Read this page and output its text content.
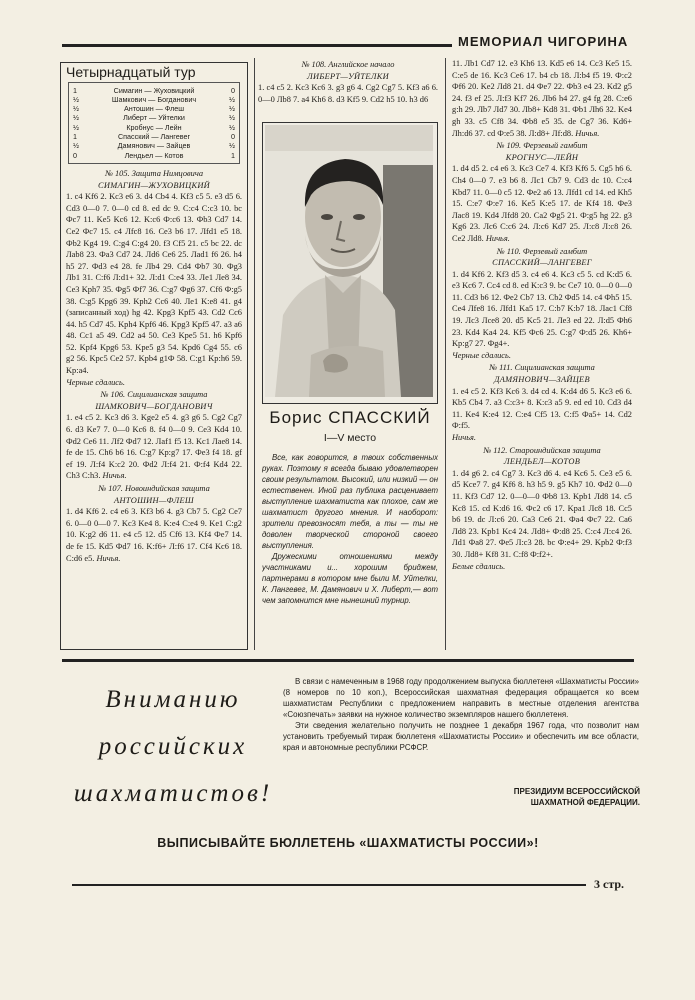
МЕМОРИАЛ ЧИГОРИНА
Четырнадцатый тур
1	Симагин — Жуховицкий	0
½	Шамкович — Богданович	½
½	Антошин — Флеш	½
½	Либерт — Уйтелки	½
½	Кробнус — Лейн	½
1	Спасский — Лангевег	0
½	Дамянович — Зайцев	½
0	Лендьел — Котов	1
№ 105. Защита Нимцовича
СИМАГИН—ЖУХОВИЦКИЙ

1. c4 Kf6 2. Kc3 e6 3. d4 Cb4 4. Kf3 c5 5. e3 d5 6. Cd3 0—0 7. 0—0 cd 8. ed dc 9. C:c4 C:c3 10. bc Фc7 11. Ke5 Kc6 12. K:c6 Ф:c6 13. Фb3 Cd7 14. Ce2 Фc7 15. c4 Лfc8 16. Ce3 b6 17. Лfd1 e5 18. Фb2 Kg4 19. C:g4 C:g4 20. f3 Cf5 21. c5 bc 22. dc Лab8 23. Фa3 Cd7 24. Лd6 Ce6 25. Лad1 f6 26. h4 h5 27. Фd3 e4 28. fe Лb4 29. Cd4 Фb7 30. Фg3 Лb1 31. C:f6 Л:d1+ 32. Л:d1 C:e4 33. Лe1 Лe8 34. Ce3 Kph7 35. Фg5 Фf7 36. C:g7 Фg6 37. Cf6 Ф:g5 38. C:g5 Kpg6 39. Kph2 Cc6 40. Лe1 K:e8 41. g4 (записанный ход) hg 42. Kpg3 Kpf5 43. Cd2 Cc6 44. h5 Cd7 45. Kph4 Kpf6 46. Kpg3 Kpf5 47. a3 a6 48. Cc1 a5 49. Cd2 a4 50. Ce3 Kpe5 51. h6 Kpf6 52. Kpf4 Kpg6 53. Kpe5 g3 54. Kpd6 Cg4 55. c6 g2 56. Kpc5 Ce2 57. Kpb4 g1Ф 58. C:g1 Kp:h6 59. Kp:a4.

Черные сдались.

№ 106. Сицилианская защита
ШАМКОВИЧ—БОГДАНОВИЧ

1. e4 c5 2. Kc3 d6 3. Kge2 e5 4. g3 g6 5. Cg2 Cg7 6. d3 Ke7 7. 0—0 Kc6 8. f4 0—0 9. Ce3 Kd4 10. Фd2 Ce6 11. Лf2 Фd7 12. Лaf1 f5 13. Kc1 Лae8 14. fe de 15. Ch6 b6 16. C:g7 Kp:g7 17. Фe3 f4 18. gf ef 19. Л:f4 K:c2 20. Фd2 Л:f4 21. Ф:f4 Kd4 22. Ch3 C:h3. Ничья.

№ 107. Новоиндийская защита
АНТОШИН—ФЛЕШ

1. d4 Kf6 2. c4 e6 3. Kf3 b6 4. g3 Cb7 5. Cg2 Ce7 6. 0—0 0—0 7. Kc3 Ke4 8. K:e4 C:e4 9. Ke1 C:g2 10. K:g2 d6 11. e4 c5 12. d5 Cf6 13. Kf4 Фe7 14. de fe 15. Kd5 Фd7 16. K:f6+ Л:f6 17. Cf4 Kc6 18. C:d6 e5. Ничья.

№ 108. Английское начало
ЛИБЕРТ—УЙТЕЛКИ

1. c4 c5 2. Kc3 Kc6 3. g3 g6 4. Cg2 Cg7 5. Kf3 a6 6. 0—0 Лb8 7. a4 Kh6 8. d3 Kf5 9. Cd2 h5 10. h3 d6

Борис СПАССКИЙ
I—V место

Все, как говорится, в твоих собственных руках. Поэтому я всегда бываю удовлетворен своим результатом. Высокий, или низкий — он естественен. Иной раз публика расценивает выступление шахматиста как плохое, сам же шахматист другого мнения. И наоборот: зрители превозносят тебя, а ты — ты не доволен творческой стороной своего выступления.

Дружескими отношениями между участниками и... хорошим бриджем, партнерами в котором мне были М. Уйтелки, К. Лангевег, М. Дамянович и Х. Либерт,— вот чем запомнится мне нынешний турнир.

11. Лb1 Cd7 12. e3 Kh6 13. Kd5 e6 14. Cc3 Ke5 15. C:e5 de 16. Kc3 Ce6 17. b4 cb 18. Л:b4 f5 19. Ф:c2 Фf6 20. Ke2 Лd8 21. d4 Фe7 22. Фb3 e4 23. Kd2 g5 24. f3 ef 25. Л:f3 Kf7 26. Лb6 h4 27. g4 fg 28. C:e6 g:h 29. Лb7 Лd7 30. Лb8+ Kd8 31. Фb1 Лh6 32. Ke4 gh 33. c5 Cf8 34. Фb8 e5 35. de Cg7 36. Kd6+ Лh:d6 37. cd Ф:e5 38. Л:d8+ Лf:d8. Ничья.

№ 109. Ферзевый гамбит
КРОГНУС—ЛЕЙН

1. d4 d5 2. c4 e6 3. Kc3 Ce7 4. Kf3 Kf6 5. Cg5 h6 6. Ch4 0—0 7. e3 b6 8. Лc1 Cb7 9. Cd3 dc 10. C:c4 Kbd7 11. 0—0 c5 12. Фe2 a6 13. Лfd1 cd 14. ed Kh5 15. C:e7 Ф:e7 16. Ke5 K:e5 17. de Kf4 18. Фe3 Лac8 19. Kd4 Лfd8 20. Ca2 Фg5 21. Ф:g5 hg 22. g3 Kg6 23. Лc6 C:c6 24. Л:c6 Kd7 25. Л:c8 Л:c8 26. Ce2 Лd8. Ничья.

№ 110. Ферзевый гамбит
СПАССКИЙ—ЛАНГЕВЕГ

1. d4 Kf6 2. Kf3 d5 3. c4 e6 4. Kc3 c5 5. cd K:d5 6. e3 Kc6 7. Cc4 cd 8. ed K:c3 9. bc Ce7 10. 0—0 0—0 11. Cd3 b6 12. Фe2 Cb7 13. Cb2 Фd5 14. c4 Фh5 15. Ce4 Лfe8 16. Лfd1 Ka5 17. C:b7 K:b7 18. Лac1 Cf8 19. Лc3 Лce8 20. d5 Kc5 21. Ле3 ed 22. Л:d5 Фh6 23. Kd4 Ka4 24. Kf5 Фc6 25. C:g7 Ф:d5 26. Kh6+ Kp:g7 27. Фg4+.

Черные сдались.

№ 111. Сицилианская защита
ДАМЯНОВИЧ—ЗАЙЦЕВ

1. e4 c5 2. Kf3 Kc6 3. d4 cd 4. K:d4 d6 5. Kc3 e6 6. Kb5 Cb4 7. a3 C:c3+ 8. K:c3 a5 9. ed ed 10. Cd3 d4 11. Ke4 K:e4 12. C:e4 Cf5 13. C:f5 Фa5+ 14. Cd2 Ф:f5.

Ничья.

№ 112. Староиндийская защита
ЛЕНДЬЕЛ—КОТОВ

1. d4 g6 2. c4 Cg7 3. Kc3 d6 4. e4 Kc6 5. Ce3 e5 6. d5 Kce7 7. g4 Kf6 8. h3 h5 9. g5 Kh7 10. Фd2 0—0 11. Kf3 Cd7 12. 0—0—0 Фb8 13. Kpb1 Лd8 14. c5 Kc8 15. cd K:d6 16. Фc2 c6 17. Kpa1 Лc8 18. Cc5 b6 19. dc Л:c6 20. Ca3 Ce6 21. Фa4 Фc7 22. Ca6 Лd8 23. Kpb1 Kc4 24. Лd8+ Ф:d8 25. C:c4 Л:c4 26. Лd1 Фa8 27. Фe5 Л:c3 28. bc Ф:e4+ 29. Kpb2 Ф:f3 30. Лd8+ Kf8 31. C:f8 Ф:f2+.

Белые сдались.

Вниманию
российских
шахматистов!

В связи с намеченным в 1968 году продолжением выпуска бюллетеня «Шахматисты России» (8 номеров по 10 коп.), Всероссийская шахматная федерация обращается ко всем шахматистам Республики с предложением направить в местные отделения агентства «Союзпечать» заявки на нужное количество экземпляров нашего бюллетеня.

Эти сведения желательно получить не позднее 1 декабря 1967 года, что позволит нам установить требуемый тираж бюллетеня «Шахматисты России» и обеспечить им все области, края и автономные республики РСФСР.

ПРЕЗИДИУМ ВСЕРОССИЙСКОЙ
ШАХМАТНОЙ ФЕДЕРАЦИИ.
ВЫПИСЫВАЙТЕ БЮЛЛЕТЕНЬ «ШАХМАТИСТЫ РОССИИ»!
3 стр.
